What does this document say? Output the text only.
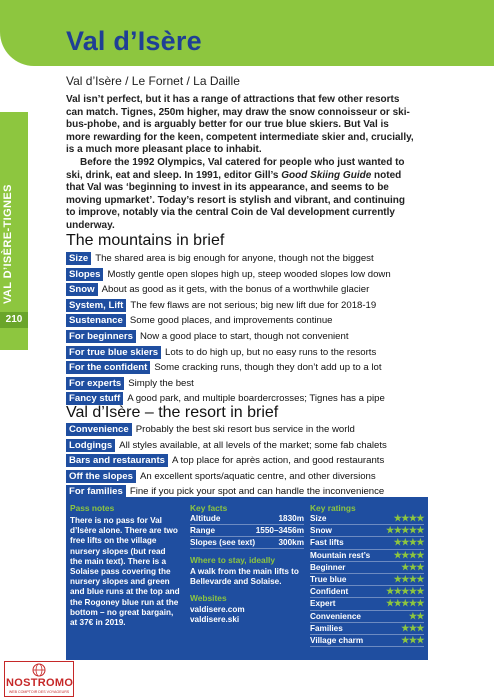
Val d’Isère
VAL D’ISÈRE-TIGNES
210
Val d’Isère / Le Fornet / La Daille

Val isn’t perfect, but it has a range of attractions that few other resorts can match. Tignes, 250m higher, may draw the snow connoisseur or ski-bus-phobe, and is arguably better for our true blue skiers. But Val is more rewarding for the keen, competent intermediate skier and, crucially, is a much more pleasant place to inhabit.

Before the 1992 Olympics, Val catered for people who just wanted to ski, drink, eat and sleep. In 1991, editor Gill’s Good Skiing Guide noted that Val was ‘beginning to invest in its appearance, and seems to be moving upmarket’. Today’s resort is stylish and vibrant, and continuing to improve, notably via the central Coin de Val development currently underway.

The mountains in brief
Size The shared area is big enough for anyone, though not the biggest
Slopes Mostly gentle open slopes high up, steep wooded slopes low down
Snow About as good as it gets, with the bonus of a worthwhile glacier
System, Lift The few flaws are not serious; big new lift due for 2018-19
Sustenance Some good places, and improvements continue
For beginners Now a good place to start, though not convenient
For true blue skiers Lots to do high up, but no easy runs to the resorts
For the confident Some cracking runs, though they don’t add up to a lot
For experts Simply the best
Fancy stuff A good park, and multiple boardercrosses; Tignes has a pipe
Val d’Isère – the resort in brief
Convenience Probably the best ski resort bus service in the world
Lodgings All styles available, at all levels of the market; some fab chalets
Bars and restaurants A top place for après action, and good restaurants
Off the slopes An excellent sports/aquatic centre, and other diversions
For families Fine if you pick your spot and can handle the inconvenience
Pass notes
There is no pass for Val d’Isère alone. There are two free lifts on the village nursery slopes (but read the main text). There is a Solaise pass covering the nursery slopes and green and blue runs at the top and the Rogoney blue run at the bottom – no great bargain, at 37€ in 2019.
Key facts
Altitude	1830m
Range	1550–3456m
Slopes (see text)	300km
Where to stay, ideally
A walk from the main lifts to Bellevarde and Solaise.
Websites
valdisere.com
valdisere.ski
Key ratings
Size	★★★★
Snow	★★★★★
Fast lifts	★★★★
Mountain rest’s	★★★★
Beginner	★★★
True blue	★★★★
Confident	★★★★★
Expert	★★★★★
Convenience	★★
Families	★★★
Village charm	★★★
NOSTROMO
WEB COMPTOIR DES VOYAGEURS
